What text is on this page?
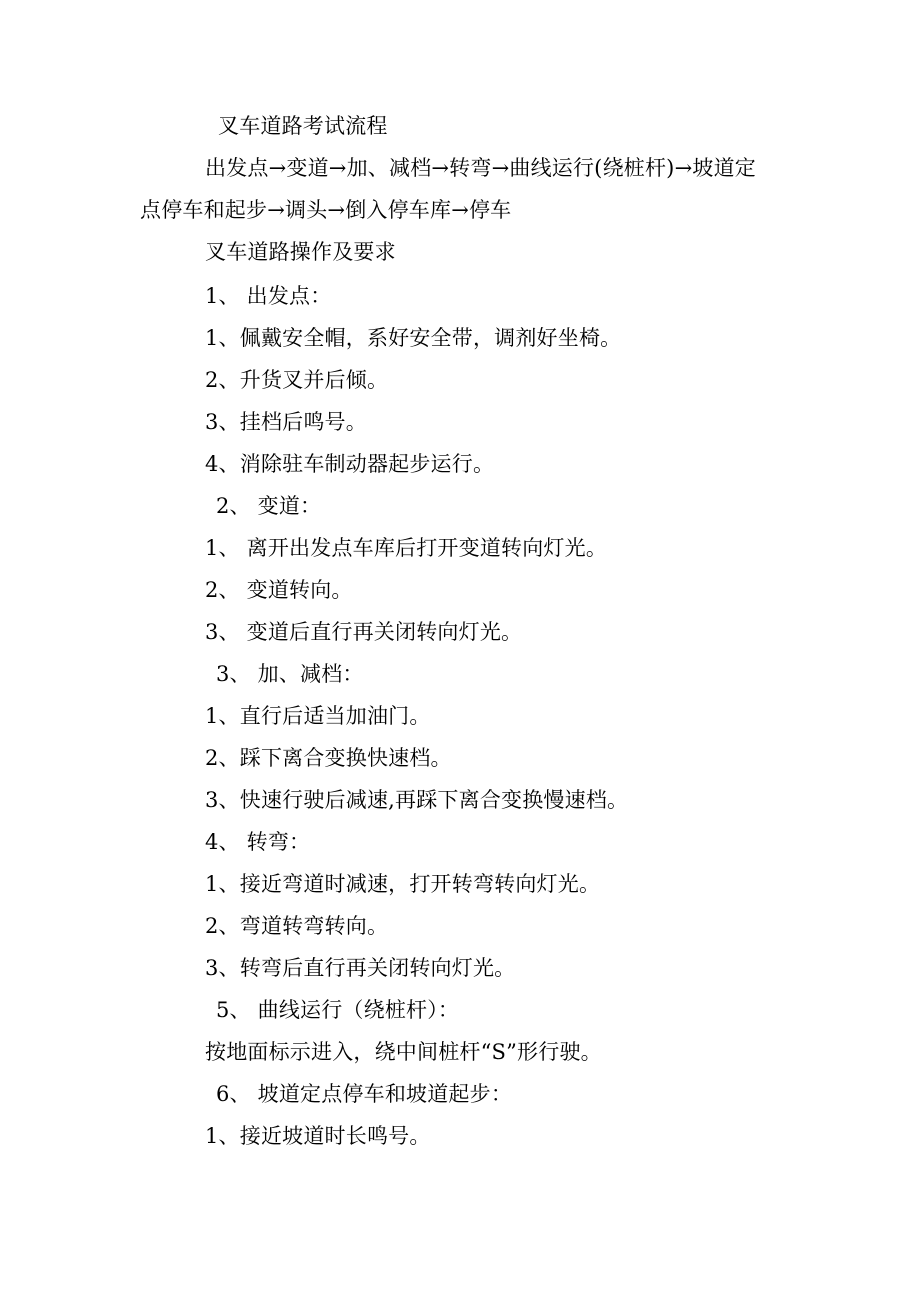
叉车道路考试流程
出发点→变道→加、减档→转弯→曲线运行(绕桩杆)→坡道定
点停车和起步→调头→倒入停车库→停车
叉车道路操作及要求
1、 出发点：
1、佩戴安全帽，系好安全带，调剂好坐椅。
2、升货叉并后倾。
3、挂档后鸣号。
4、消除驻车制动器起步运行。
2、 变道：
1、 离开出发点车库后打开变道转向灯光。
2、 变道转向。
3、 变道后直行再关闭转向灯光。
3、 加、减档：
1、直行后适当加油门。
2、踩下离合变换快速档。
3、快速行驶后减速,再踩下离合变换慢速档。
4、 转弯：
1、接近弯道时减速，打开转弯转向灯光。
2、弯道转弯转向。
3、转弯后直行再关闭转向灯光。
5、 曲线运行（绕桩杆）：
按地面标示进入，绕中间桩杆“S”形行驶。
6、 坡道定点停车和坡道起步：
1、接近坡道时长鸣号。
